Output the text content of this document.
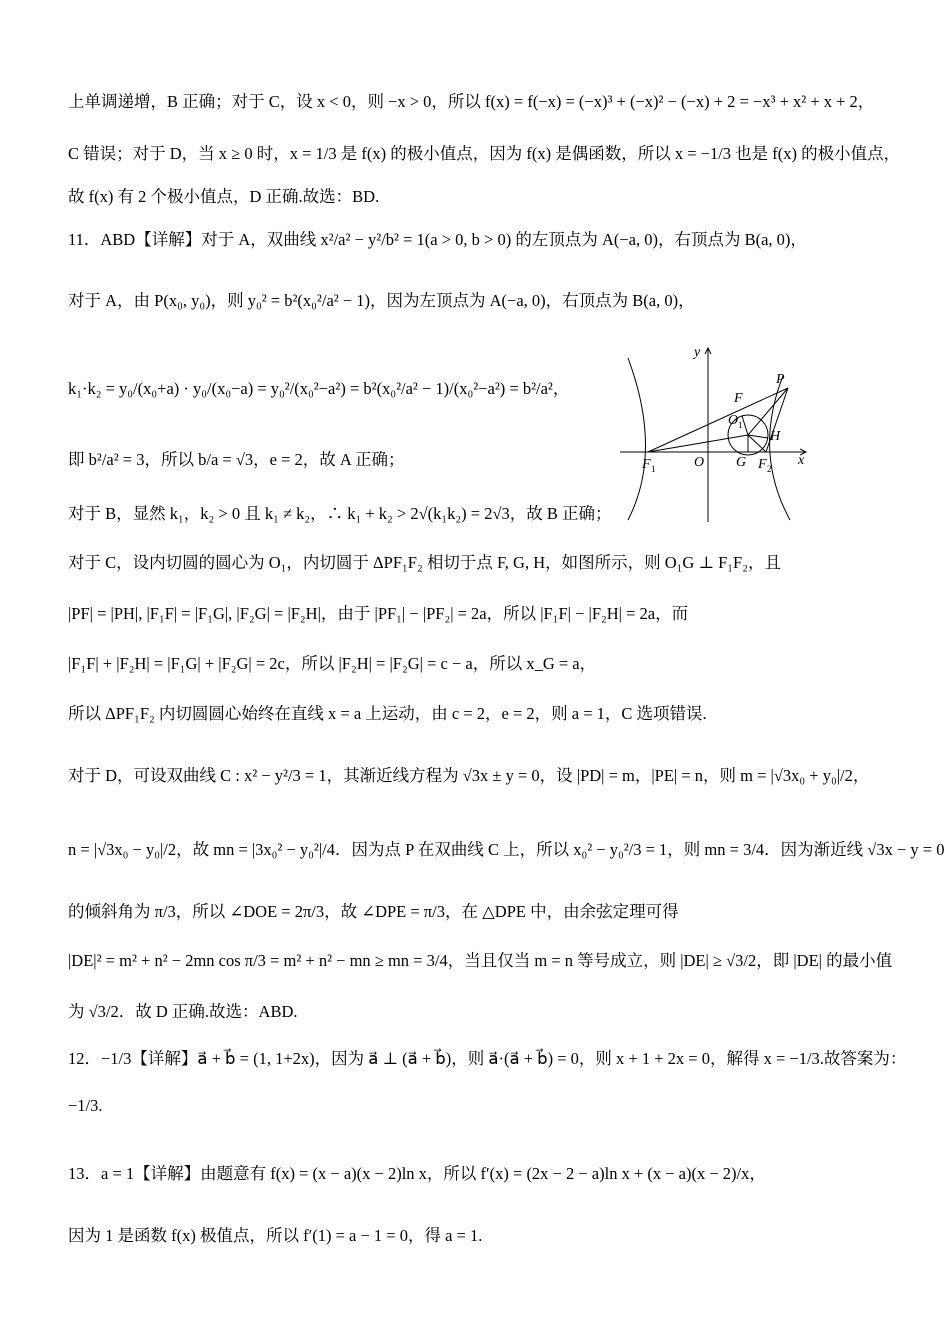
上单调递增，B 正确；对于 C，设 x < 0，则 −x > 0，所以 f(x) = f(−x) = (−x)³ + (−x)² − (−x) + 2 = −x³ + x² + x + 2，
C 错误；对于 D，当 x ≥ 0 时，x = 1/3 是 f(x) 的极小值点，因为 f(x) 是偶函数，所以 x = −1/3 也是 f(x) 的极小值点，
故 f(x) 有 2 个极小值点，D 正确.故选：BD.
11．ABD【详解】对于 A，双曲线 x²/a² − y²/b² = 1(a > 0, b > 0) 的左顶点为 A(−a, 0)，右顶点为 B(a, 0)，
对于 A，由 P(x₀, y₀)，则 y₀² = b²(x₀²/a² − 1)，因为左顶点为 A(−a, 0)，右顶点为 B(a, 0)，
k₁·k₂ = y₀/(x₀+a) · y₀/(x₀−a) = y₀²/(x₀²−a²) = b²(x₀²/a² − 1)/(x₀²−a²) = b²/a²，
即 b²/a² = 3，所以 b/a = √3，e = 2，故 A 正确；
对于 B，显然 k₁，k₂ > 0 且 k₁ ≠ k₂，∴ k₁ + k₂ > 2√(k₁k₂) = 2√3，故 B 正确；
对于 C，设内切圆的圆心为 O₁，内切圆于 ΔPF₁F₂ 相切于点 F, G, H，如图所示，则 O₁G ⊥ F₁F₂，且
|PF| = |PH|, |F₁F| = |F₁G|, |F₂G| = |F₂H|，由于 |PF₁| − |PF₂| = 2a，所以 |F₁F| − |F₂H| = 2a，而
|F₁F| + |F₂H| = |F₁G| + |F₂G| = 2c，所以 |F₂H| = |F₂G| = c − a，所以 x_G = a，
所以 ΔPF₁F₂ 内切圆圆心始终在直线 x = a 上运动，由 c = 2，e = 2，则 a = 1，C 选项错误.
对于 D，可设双曲线 C : x² − y²/3 = 1，其渐近线方程为 √3x ± y = 0，设 |PD| = m，|PE| = n，则 m = |√3x₀ + y₀|/2，
n = |√3x₀ − y₀|/2，故 mn = |3x₀² − y₀²|/4．因为点 P 在双曲线 C 上，所以 x₀² − y₀²/3 = 1，则 mn = 3/4．因为渐近线 √3x − y = 0
的倾斜角为 π/3，所以 ∠DOE = 2π/3，故 ∠DPE = π/3，在 △DPE 中，由余弦定理可得
|DE|² = m² + n² − 2mn cos π/3 = m² + n² − mn ≥ mn = 3/4，当且仅当 m = n 等号成立，则 |DE| ≥ √3/2，即 |DE| 的最小值
为 √3/2．故 D 正确.故选：ABD.
12．−1/3【详解】a⃗ + b⃗ = (1, 1+2x)，因为 a⃗ ⊥ (a⃗ + b⃗)，则 a⃗·(a⃗ + b⃗) = 0，则 x + 1 + 2x = 0，解得 x = −1/3.故答案为：
−1/3.
13．a = 1【详解】由题意有 f(x) = (x − a)(x − 2)ln x，所以 f′(x) = (2x − 2 − a)ln x + (x − a)(x − 2)/x，
因为 1 是函数 f(x) 极值点，所以 f′(1) = a − 1 = 0，得 a = 1.
y
x
P
F
O 1
H
F 1	O G F 2
